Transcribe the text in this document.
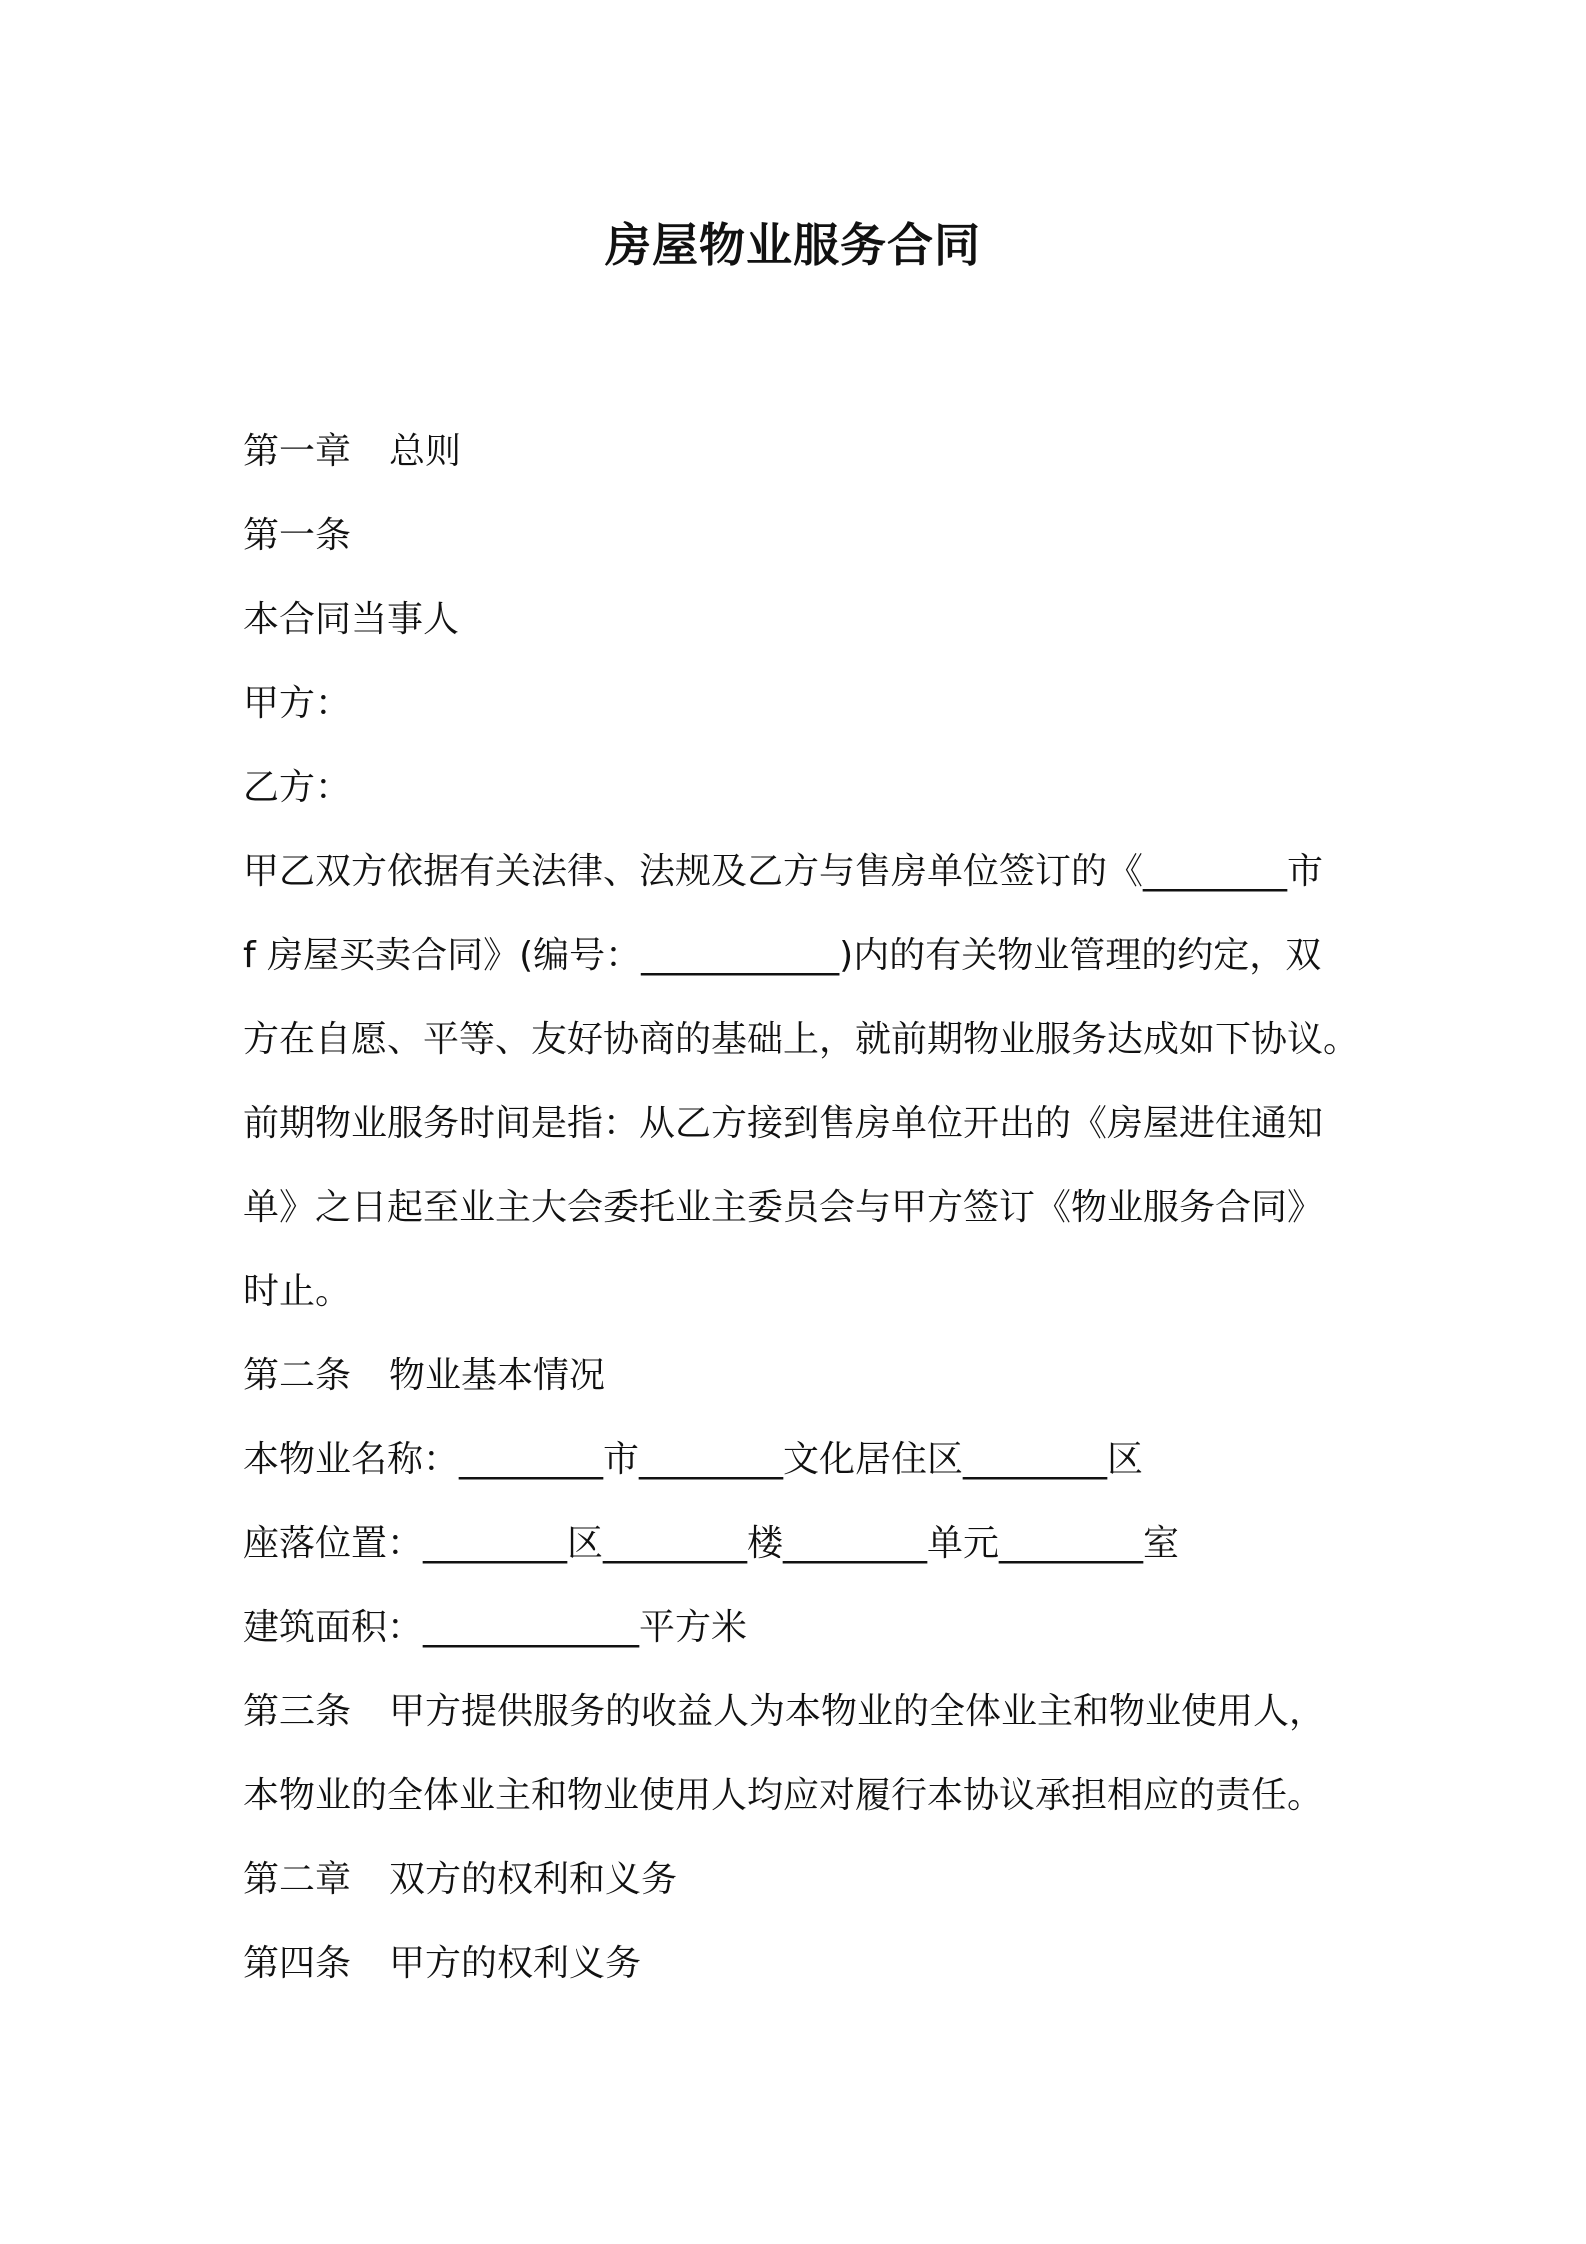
房屋物业服务合同
第一章 总则
第一条
本合同当事人
甲方：
乙方：
甲乙双方依据有关法律、法规及乙方与售房单位签订的《________市
f 房屋买卖合同》(编号：___________)内的有关物业管理的约定，双
方在自愿、平等、友好协商的基础上，就前期物业服务达成如下协议。
前期物业服务时间是指：从乙方接到售房单位开出的《房屋进住通知
单》之日起至业主大会委托业主委员会与甲方签订《物业服务合同》
时止。
第二条 物业基本情况
本物业名称：________市________文化居住区________区
座落位置：________区________楼________单元________室
建筑面积：____________平方米
第三条 甲方提供服务的收益人为本物业的全体业主和物业使用人，
本物业的全体业主和物业使用人均应对履行本协议承担相应的责任。
第二章 双方的权利和义务
第四条 甲方的权利义务
